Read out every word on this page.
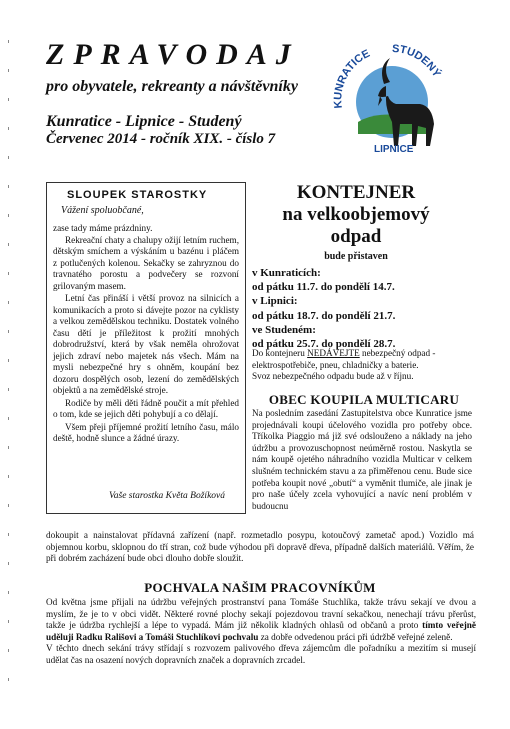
ZPRAVODAJ
pro obyvatele, rekreanty a návštěvníky
Kunratice - Lipnice - Studený
Červenec 2014 - ročník XIX. - číslo 7
KUNRATICE STUDENÝ
LIPNICE
SLOUPEK STAROSTKY
Vážení spoluobčané,

zase tady máme prázdniny.

Rekreační chaty a chalupy ožijí letním ruchem, dětským smíchem a výskáním u bazénu i pláčem z potlučených kolenou. Sekačky se zahryznou do travnatého porostu a podvečery se rozvoní grilovaným masem.

Letní čas přináší i větší provoz na silnicích a komunikacích a proto si dávejte pozor na cyklisty a velkou zemědělskou techniku. Dostatek volného času dětí je příležitost k prožití mnohých dobrodružství, která by však neměla ohrožovat jejich zdraví nebo majetek nás všech. Mám na mysli nebezpečné hry s ohněm, koupání bez dozoru dospělých osob, lezení do zemědělských objektů a na zemědělské stroje.

Rodiče by měli děti řádně poučit a mít přehled o tom, kde se jejich děti pohybují a co dělají.

Všem přeji příjemné prožití letního času, málo deště, hodně slunce a žádné úrazy.

Vaše starostka Květa Božíková
KONTEJNER
na velkoobjemový
odpad
bude přistaven
v Kunraticích:
od pátku 11.7. do pondělí 14.7.
v Lipnici:
od pátku 18.7. do pondělí 21.7.
ve Studeném:
od pátku 25.7. do pondělí 28.7.
Do kontejneru NEDÁVEJTE nebezpečný odpad - elektrospotřebiče, pneu, chladničky a baterie.
Svoz nebezpečného odpadu bude až v říjnu.
OBEC KOUPILA MULTICARU
Na posledním zasedání Zastupitelstva obce Kunratice jsme projednávali koupi účelového vozidla pro potřeby obce. Tříkolka Piaggio má již své odslouženo a náklady na jeho údržbu a provozuschopnost neúměrně rostou. Naskytla se nám koupě ojetého náhradního vozidla Multicar v celkem slušném technickém stavu a za přiměřenou cenu. Bude sice potřeba koupit nové „obutí“ a vyměnit tlumiče, ale jinak je pro naše účely zcela vyhovující a navíc není problém v budoucnu
dokoupit a nainstalovat přídavná zařízení (např. rozmetadlo posypu, kotoučový zametač apod.) Vozidlo má objemnou korbu, sklopnou do tří stran, což bude výhodou při dopravě dřeva, případně dalších materiálů. Věřím, že při dobrém zacházení bude obci dlouho dobře sloužit.
POCHVALA NAŠIM PRACOVNÍKŮM
Od května jsme přijali na údržbu veřejných prostranství pana Tomáše Stuchlíka, takže trávu sekají ve dvou a myslím, že je to v obci vidět. Některé rovné plochy sekají pojezdovou travní sekačkou, nenechají trávu přerůst, takže je údržba rychlejší a lépe to vypadá. Mám již několik kladných ohlasů od občanů a proto tímto veřejně uděluji Radku Rališovi a Tomáši Stuchlíkovi pochvalu za dobře odvedenou práci při údržbě veřejné zeleně.
V těchto dnech sekání trávy střídají s rozvozem palivového dřeva zájemcům dle pořadníku a mezitím si musejí udělat čas na osazení nových dopravních značek a dopravních zrcadel.
